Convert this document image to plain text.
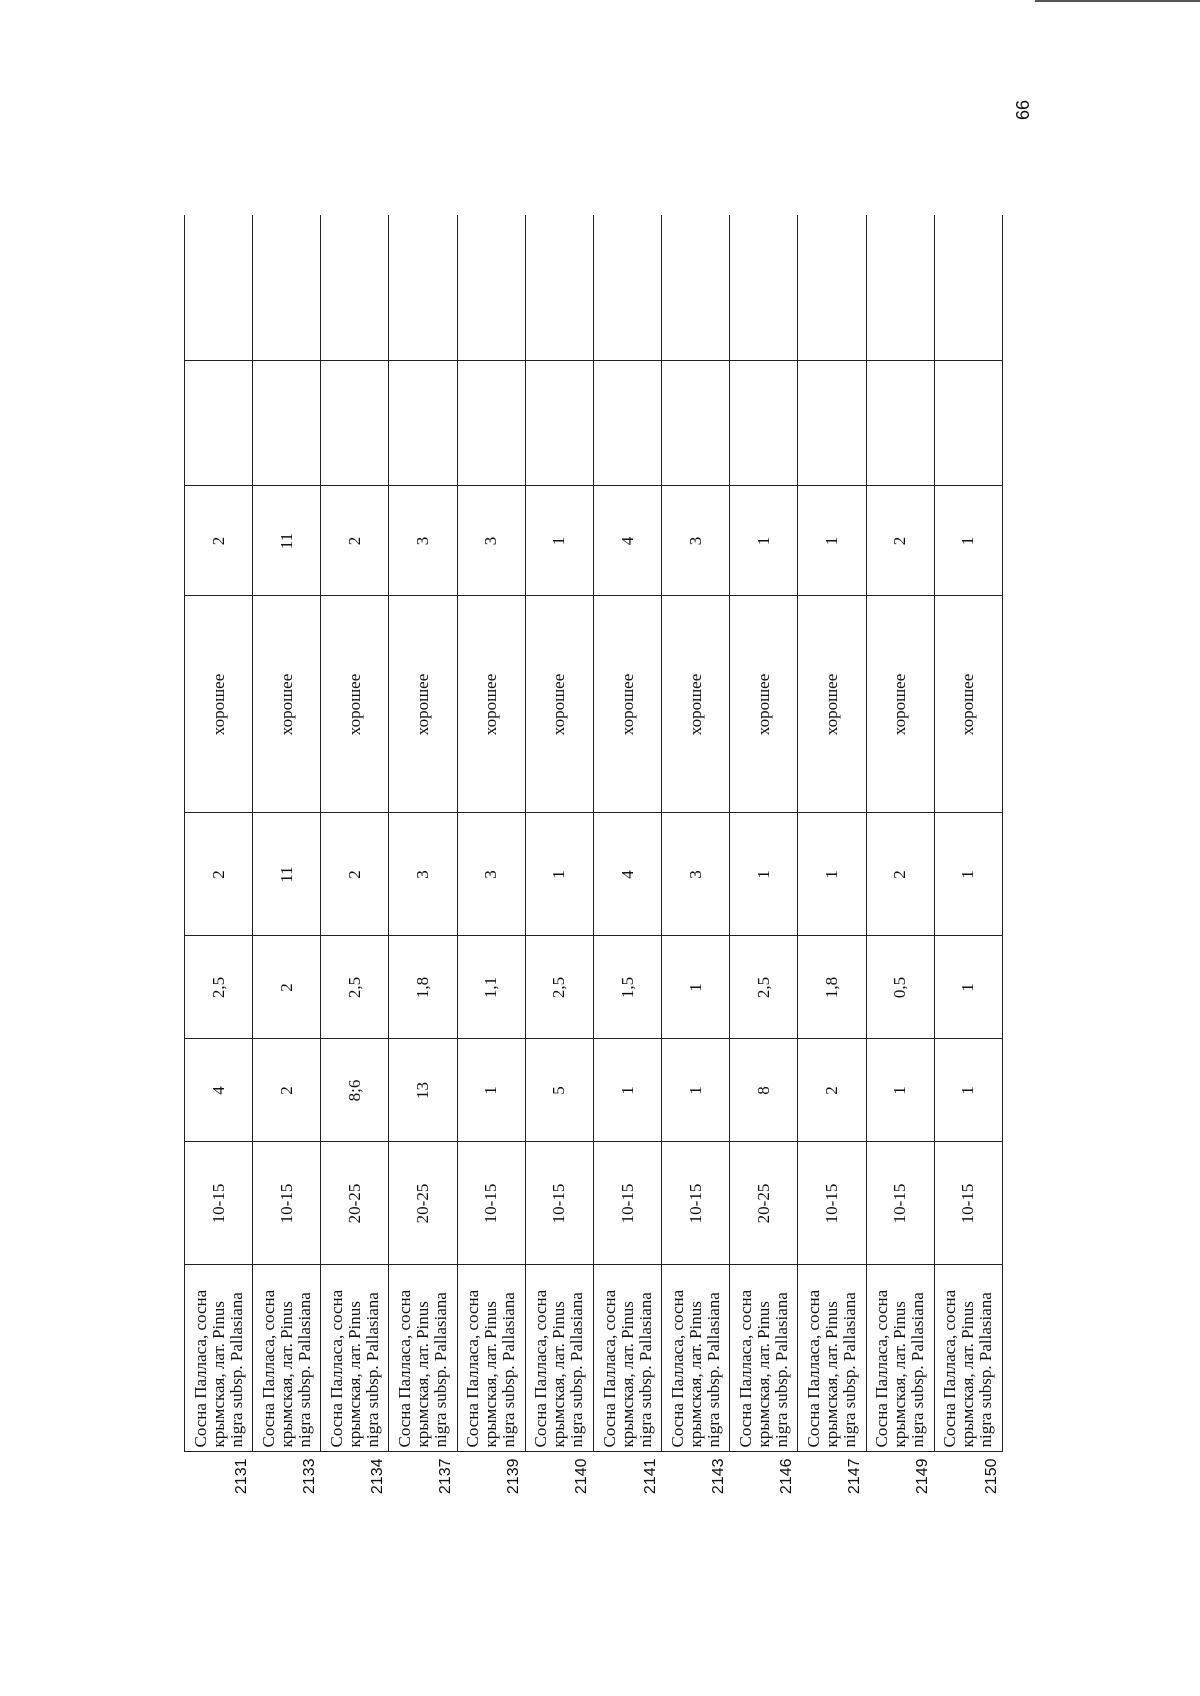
66
2131	Сосна Палласа, сосна крымская, лат. Pinus nigra subsp. Pallasiana	10-15	4	2,5	2	хорошее	2		
2133	Сосна Палласа, сосна крымская, лат. Pinus nigra subsp. Pallasiana	10-15	2	2	11	хорошее	11		
2134	Сосна Палласа, сосна крымская, лат. Pinus nigra subsp. Pallasiana	20-25	8;6	2,5	2	хорошее	2		
2137	Сосна Палласа, сосна крымская, лат. Pinus nigra subsp. Pallasiana	20-25	13	1,8	3	хорошее	3		
2139	Сосна Палласа, сосна крымская, лат. Pinus nigra subsp. Pallasiana	10-15	1	1,1	3	хорошее	3		
2140	Сосна Палласа, сосна крымская, лат. Pinus nigra subsp. Pallasiana	10-15	5	2,5	1	хорошее	1		
2141	Сосна Палласа, сосна крымская, лат. Pinus nigra subsp. Pallasiana	10-15	1	1,5	4	хорошее	4		
2143	Сосна Палласа, сосна крымская, лат. Pinus nigra subsp. Pallasiana	10-15	1	1	3	хорошее	3		
2146	Сосна Палласа, сосна крымская, лат. Pinus nigra subsp. Pallasiana	20-25	8	2,5	1	хорошее	1		
2147	Сосна Палласа, сосна крымская, лат. Pinus nigra subsp. Pallasiana	10-15	2	1,8	1	хорошее	1		
2149	Сосна Палласа, сосна крымская, лат. Pinus nigra subsp. Pallasiana	10-15	1	0,5	2	хорошее	2		
2150	Сосна Палласа, сосна крымская, лат. Pinus nigra subsp. Pallasiana	10-15	1	1	1	хорошее	1		
